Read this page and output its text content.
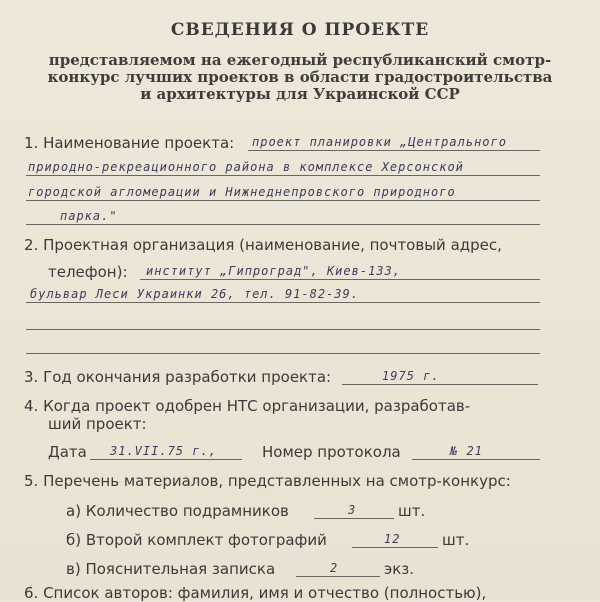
СВЕДЕНИЯ О ПРОЕКТЕ
представляемом на ежегодный республиканский смотр-
конкурс лучших проектов в области градостроительства
и архитектуры для Украинской ССР
1. Наименование проекта:	проект планировки „Центрального
природно-рекреационного района в комплексе Херсонской
городской агломерации и Нижнеднепровского природного
парка."
2. Проектная организация (наименование, почтовый адрес,
телефон):	институт „Гипроград", Киев-133,
бульвар Леси Украинки 26, тел. 91-82-39.
3. Год окончания разработки проекта:	1975 г.
4. Когда проект одобрен НТС организации, разработав-
ший проект:
Дата	31.VII.75 г.,	Номер протокола	№ 21
5. Перечень материалов, представленных на смотр-конкурс:
а) Количество подрамников	3	шт.
б) Второй комплект фотографий	12	шт.
в) Пояснительная записка	2	экз.
6. Список авторов: фамилия, имя и отчество (полностью),
